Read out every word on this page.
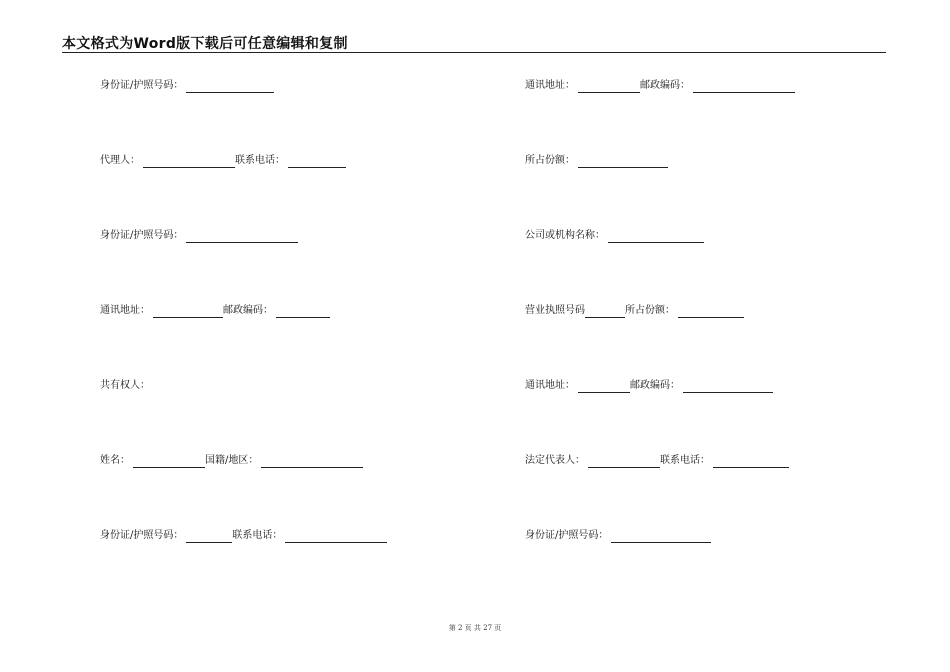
本文格式为Word版下载后可任意编辑和复制
身份证/护照号码：
代理人：	联系电话：
身份证/护照号码：
通讯地址：	邮政编码：
共有权人：
姓名：	国籍/地区：
身份证/护照号码：	联系电话：
通讯地址：	邮政编码：
所占份额：
公司或机构名称：
营业执照号码	所占份额：
通讯地址：	邮政编码：
法定代表人：	联系电话：
身份证/护照号码：
第 2 页 共 27 页
